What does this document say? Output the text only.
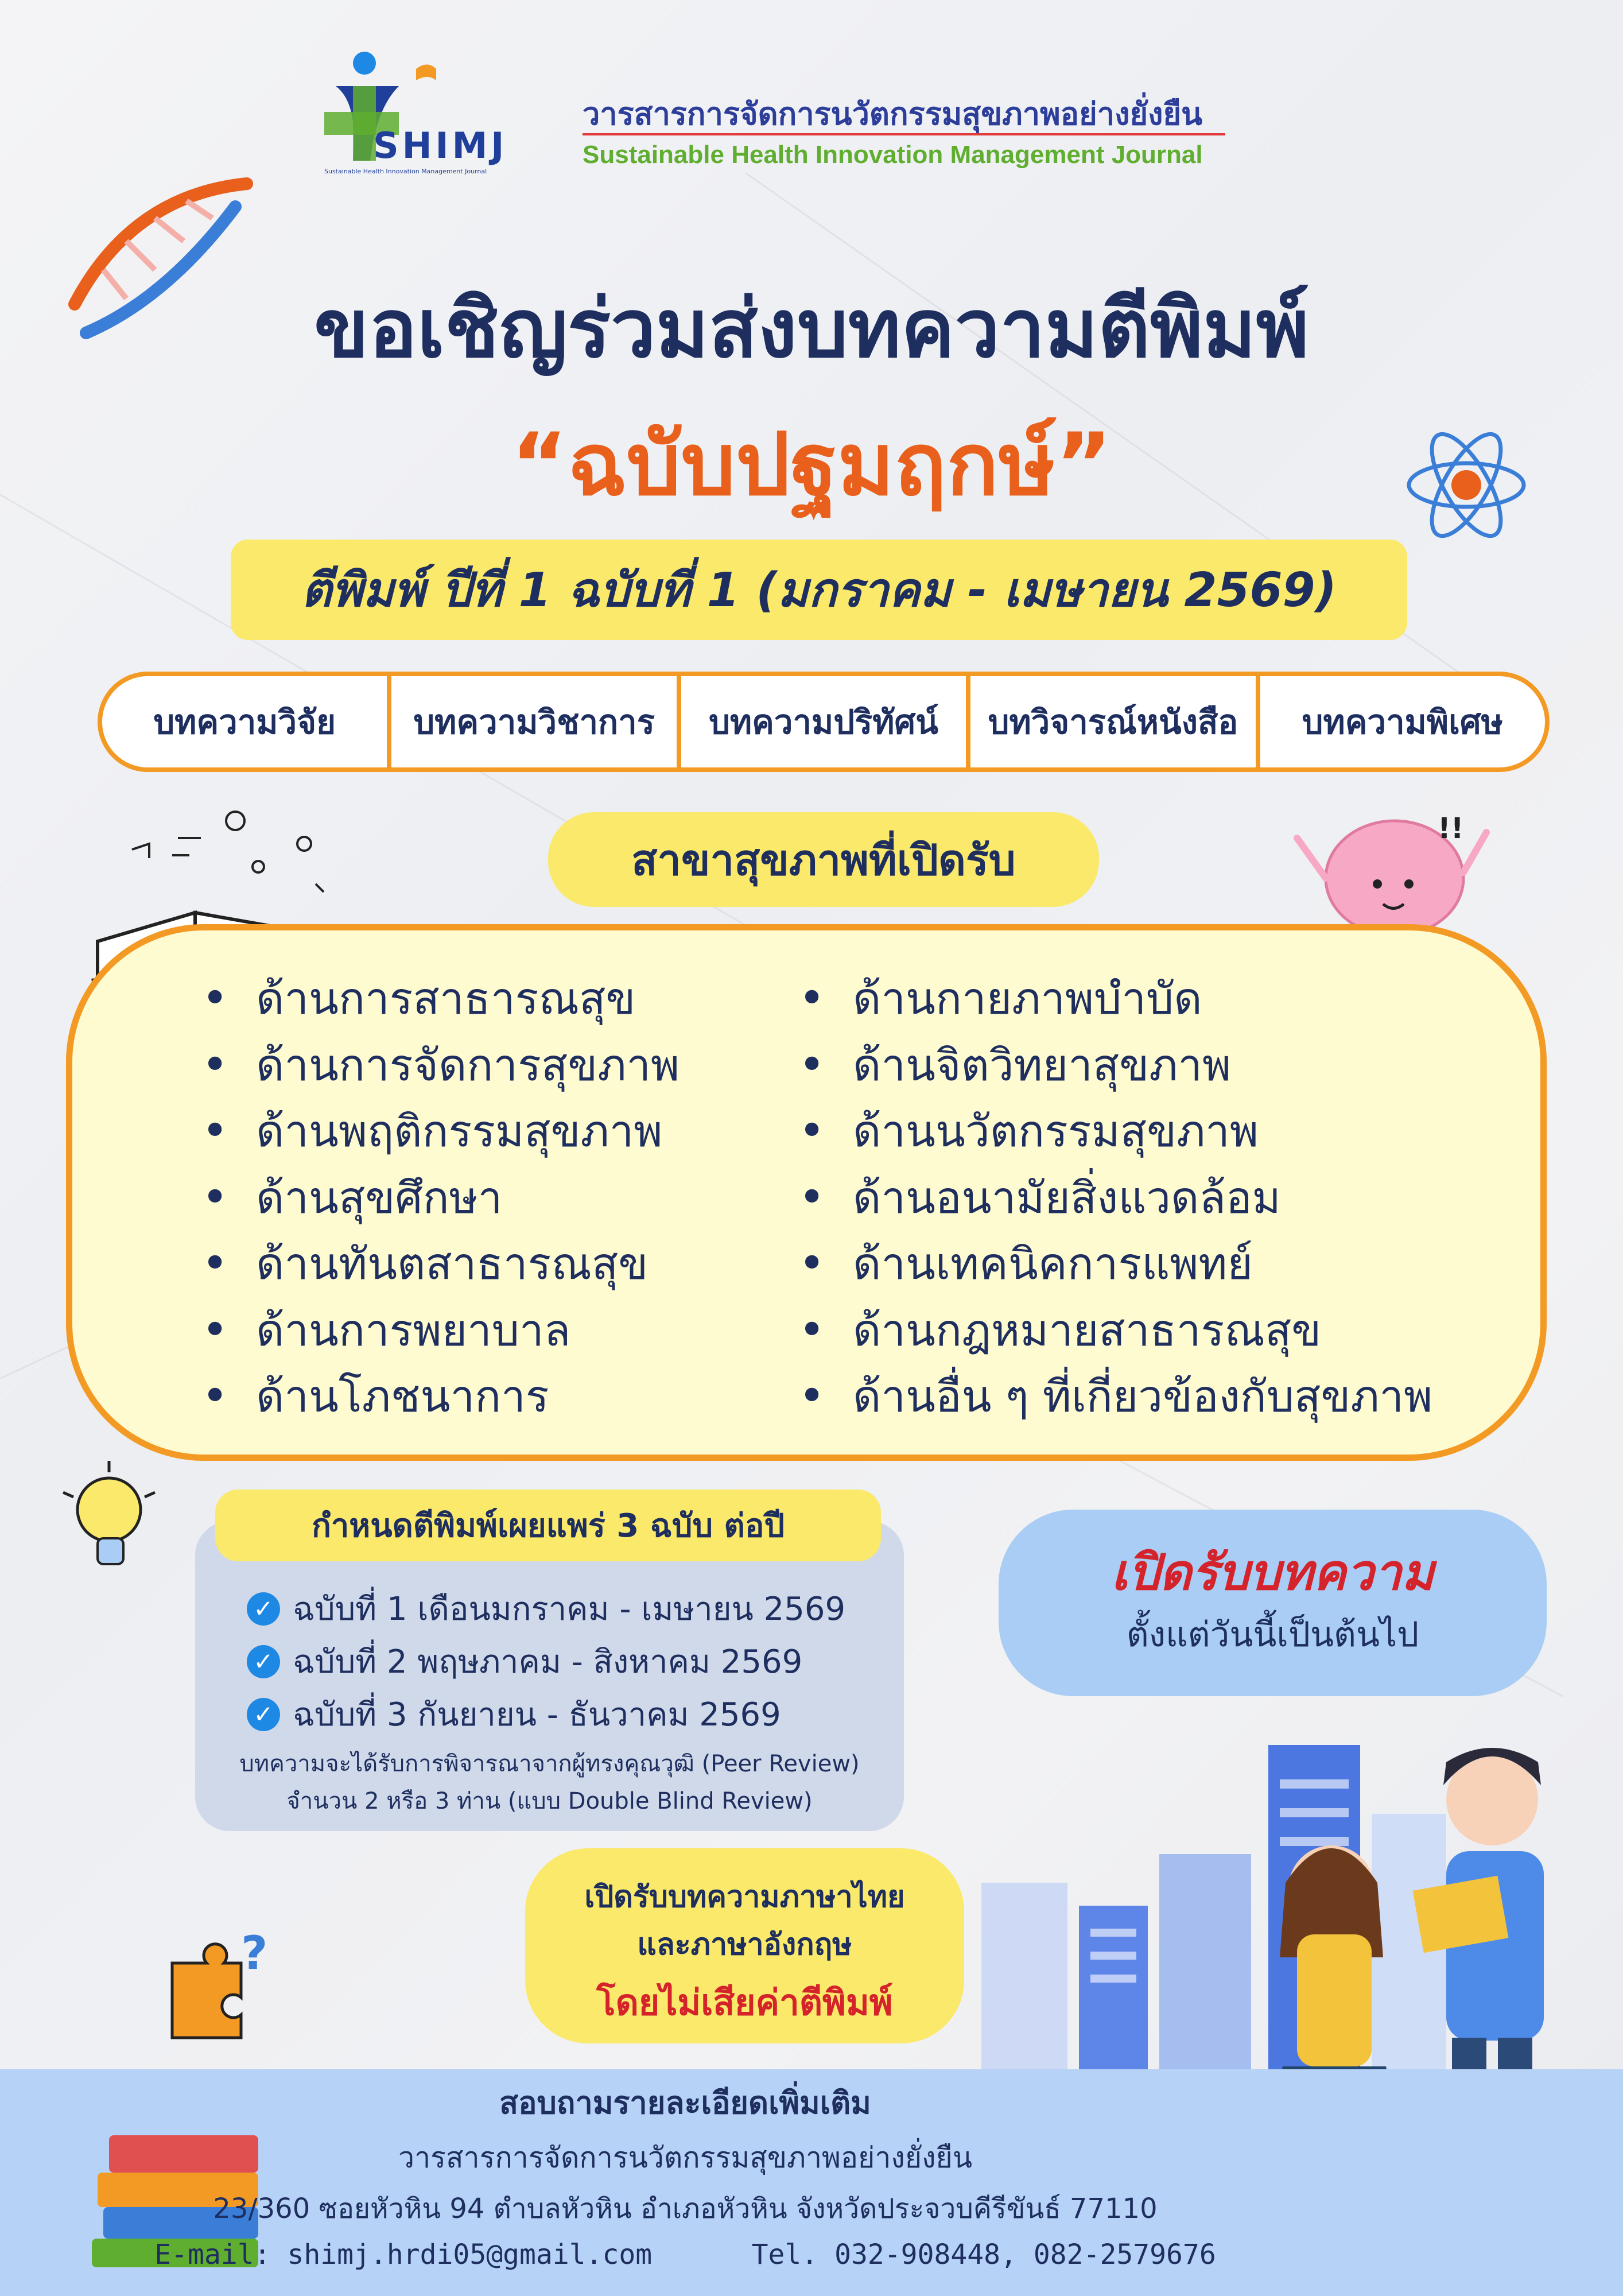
SHIMJ
Sustainable Health Innovation Management Journal
วารสารการจัดการนวัตกรรมสุขภาพอย่างยั่งยืน
Sustainable Health Innovation Management Journal
ขอเชิญร่วมส่งบทความตีพิมพ์
“ฉบับปฐมฤกษ์”
ตีพิมพ์ ปีที่ 1 ฉบับที่ 1 (มกราคม - เมษายน 2569)
บทความวิจัย	บทความวิชาการ	บทความปริทัศน์	บทวิจารณ์หนังสือ	บทความพิเศษ
!!
สาขาสุขภาพที่เปิดรับ
• ด้านการสาธารณสุข
• ด้านการจัดการสุขภาพ
• ด้านพฤติกรรมสุขภาพ
• ด้านสุขศึกษา
• ด้านทันตสาธารณสุข
• ด้านการพยาบาล
• ด้านโภชนาการ
• ด้านกายภาพบำบัด
• ด้านจิตวิทยาสุขภาพ
• ด้านนวัตกรรมสุขภาพ
• ด้านอนามัยสิ่งแวดล้อม
• ด้านเทคนิคการแพทย์
• ด้านกฎหมายสาธารณสุข
• ด้านอื่น ๆ ที่เกี่ยวข้องกับสุขภาพ
กำหนดตีพิมพ์เผยแพร่ 3 ฉบับ ต่อปี
✓ ฉบับที่ 1 เดือนมกราคม - เมษายน 2569
✓ ฉบับที่ 2 พฤษภาคม - สิงหาคม 2569
✓ ฉบับที่ 3 กันยายน - ธันวาคม 2569
บทความจะได้รับการพิจารณาจากผู้ทรงคุณวุฒิ (Peer Review)
จำนวน 2 หรือ 3 ท่าน (แบบ Double Blind Review)
เปิดรับบทความ
ตั้งแต่วันนี้เป็นต้นไป
?
เปิดรับบทความภาษาไทย
และภาษาอังกฤษ
โดยไม่เสียค่าตีพิมพ์
สอบถามรายละเอียดเพิ่มเติม
วารสารการจัดการนวัตกรรมสุขภาพอย่างยั่งยืน
23/360 ซอยหัวหิน 94 ตำบลหัวหิน อำเภอหัวหิน จังหวัดประจวบคีรีขันธ์ 77110
E-mail: shimj.hrdi05@gmail.com	Tel. 032-908448, 082-2579676
